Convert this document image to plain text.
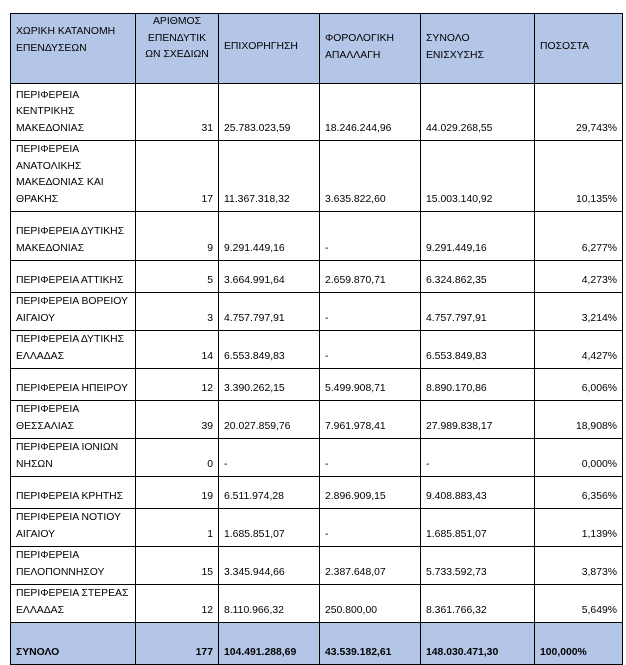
ΧΩΡΙΚΗ ΚΑΤΑΝΟΜΗ ΕΠΕΝΔΥΣΕΩΝ	ΑΡΙΘΜΟΣ ΕΠΕΝΔΥΤΙΚ ΩΝ ΣΧΕΔΙΩΝ	ΕΠΙΧΟΡΗΓΗΣΗ	ΦΟΡΟΛΟΓΙΚΗ ΑΠΑΛΛΑΓΗ	ΣΥΝΟΛΟ ΕΝΙΣΧΥΣΗΣ	ΠΟΣΟΣΤΑ
ΠΕΡΙΦΕΡΕΙΑ ΚΕΝΤΡΙΚΗΣ ΜΑΚΕΔΟΝΙΑΣ	31	25.783.023,59	18.246.244,96	44.029.268,55	29,743%
ΠΕΡΙΦΕΡΕΙΑ ΑΝΑΤΟΛΙΚΗΣ ΜΑΚΕΔΟΝΙΑΣ ΚΑΙ ΘΡΑΚΗΣ	17	11.367.318,32	3.635.822,60	15.003.140,92	10,135%
ΠΕΡΙΦΕΡΕΙΑ ΔΥΤΙΚΗΣ ΜΑΚΕΔΟΝΙΑΣ	9	9.291.449,16	-	9.291.449,16	6,277%
ΠΕΡΙΦΕΡΕΙΑ ΑΤΤΙΚΗΣ	5	3.664.991,64	2.659.870,71	6.324.862,35	4,273%
ΠΕΡΙΦΕΡΕΙΑ ΒΟΡΕΙΟΥ ΑΙΓΑΙΟΥ	3	4.757.797,91	-	4.757.797,91	3,214%
ΠΕΡΙΦΕΡΕΙΑ ΔΥΤΙΚΗΣ ΕΛΛΑΔΑΣ	14	6.553.849,83	-	6.553.849,83	4,427%
ΠΕΡΙΦΕΡΕΙΑ ΗΠΕΙΡΟΥ	12	3.390.262,15	5.499.908,71	8.890.170,86	6,006%
ΠΕΡΙΦΕΡΕΙΑ ΘΕΣΣΑΛΙΑΣ	39	20.027.859,76	7.961.978,41	27.989.838,17	18,908%
ΠΕΡΙΦΕΡΕΙΑ ΙΟΝΙΩΝ ΝΗΣΩΝ	0	-	-	-	0,000%
ΠΕΡΙΦΕΡΕΙΑ ΚΡΗΤΗΣ	19	6.511.974,28	2.896.909,15	9.408.883,43	6,356%
ΠΕΡΙΦΕΡΕΙΑ ΝΟΤΙΟΥ ΑΙΓΑΙΟΥ	1	1.685.851,07	-	1.685.851,07	1,139%
ΠΕΡΙΦΕΡΕΙΑ ΠΕΛΟΠΟΝΝΗΣΟΥ	15	3.345.944,66	2.387.648,07	5.733.592,73	3,873%
ΠΕΡΙΦΕΡΕΙΑ ΣΤΕΡΕΑΣ ΕΛΛΑΔΑΣ	12	8.110.966,32	250.800,00	8.361.766,32	5,649%
ΣΥΝΟΛΟ	177	104.491.288,69	43.539.182,61	148.030.471,30	100,000%
